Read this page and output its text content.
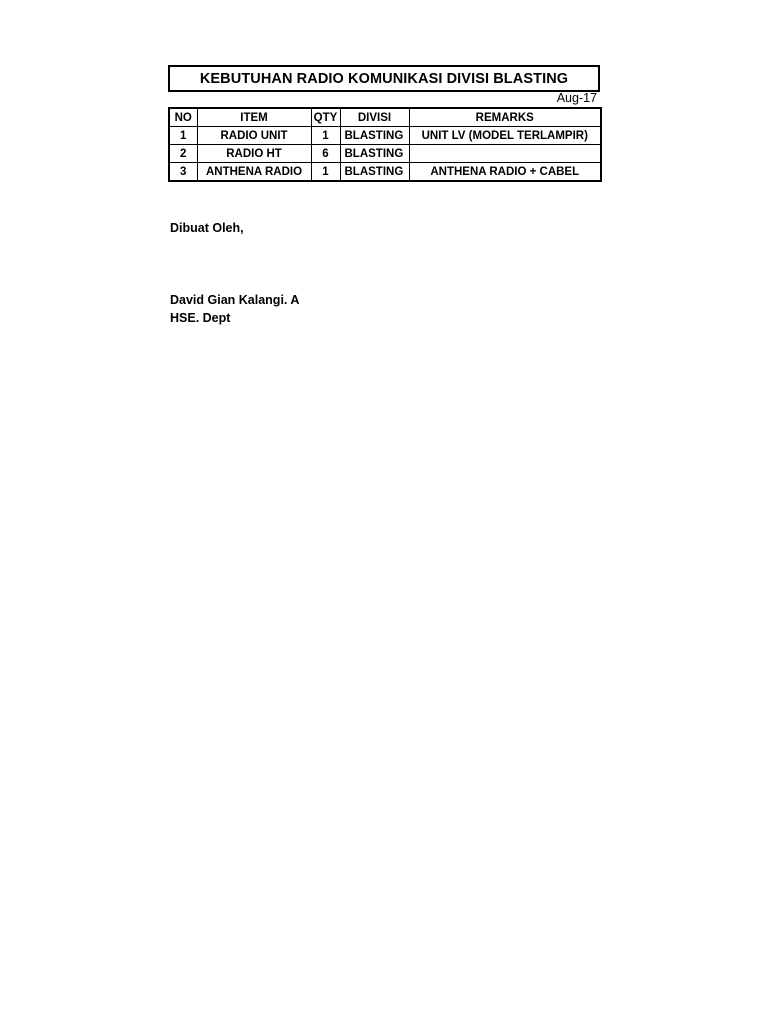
KEBUTUHAN RADIO KOMUNIKASI DIVISI BLASTING
Aug-17
NO	ITEM	QTY	DIVISI	REMARKS
1	RADIO UNIT	1	BLASTING	UNIT LV (MODEL TERLAMPIR)
2	RADIO HT	6	BLASTING	
3	ANTHENA RADIO	1	BLASTING	ANTHENA RADIO + CABEL
Dibuat Oleh,
David Gian Kalangi. A
HSE. Dept
